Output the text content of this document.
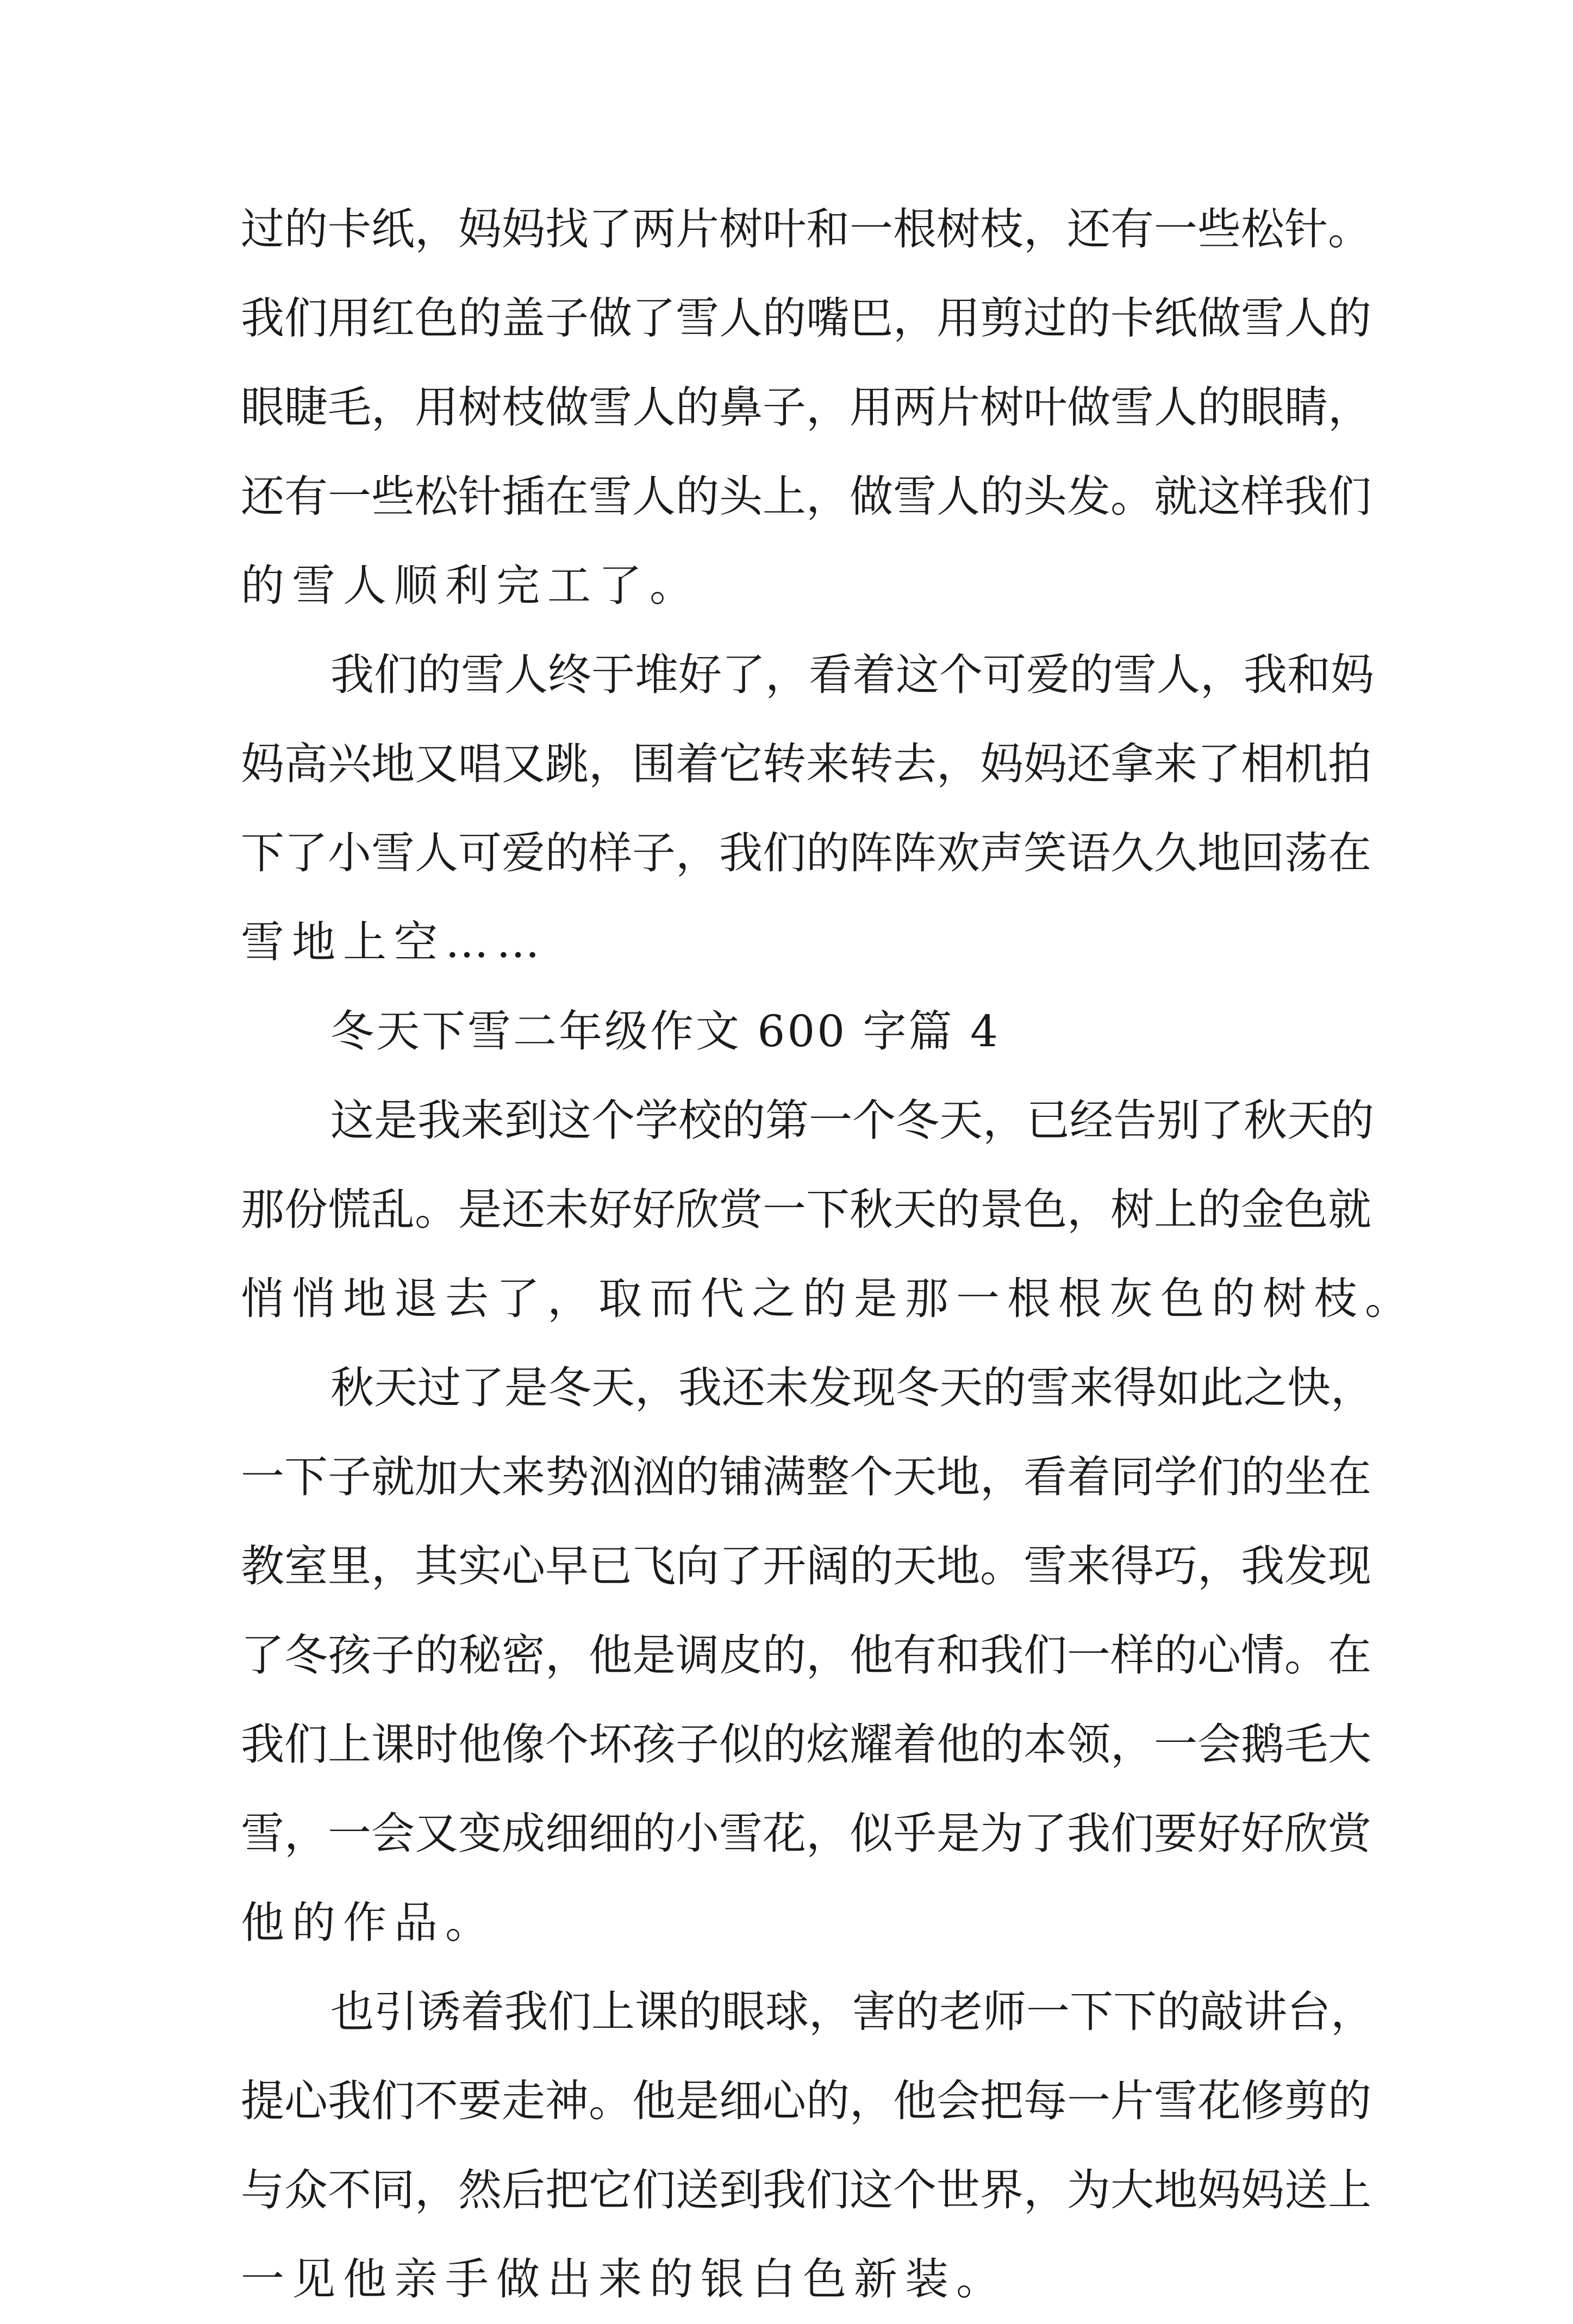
过的卡纸，妈妈找了两片树叶和一根树枝，还有一些松针。
我们用红色的盖子做了雪人的嘴巴，用剪过的卡纸做雪人的
眼睫毛，用树枝做雪人的鼻子，用两片树叶做雪人的眼睛，
还有一些松针插在雪人的头上，做雪人的头发。就这样我们
的雪人顺利完工了。
我们的雪人终于堆好了，看着这个可爱的雪人，我和妈
妈高兴地又唱又跳，围着它转来转去，妈妈还拿来了相机拍
下了小雪人可爱的样子，我们的阵阵欢声笑语久久地回荡在
雪地上空……
冬天下雪二年级作文 600 字篇 4
这是我来到这个学校的第一个冬天，已经告别了秋天的
那份慌乱。是还未好好欣赏一下秋天的景色，树上的金色就
悄悄地退去了，取而代之的是那一根根灰色的树枝。
秋天过了是冬天，我还未发现冬天的雪来得如此之快，
一下子就加大来势汹汹的铺满整个天地，看着同学们的坐在
教室里，其实心早已飞向了开阔的天地。雪来得巧，我发现
了冬孩子的秘密，他是调皮的，他有和我们一样的心情。在
我们上课时他像个坏孩子似的炫耀着他的本领，一会鹅毛大
雪，一会又变成细细的小雪花，似乎是为了我们要好好欣赏
他的作品。
也引诱着我们上课的眼球，害的老师一下下的敲讲台，
提心我们不要走神。他是细心的，他会把每一片雪花修剪的
与众不同，然后把它们送到我们这个世界，为大地妈妈送上
一见他亲手做出来的银白色新装。
